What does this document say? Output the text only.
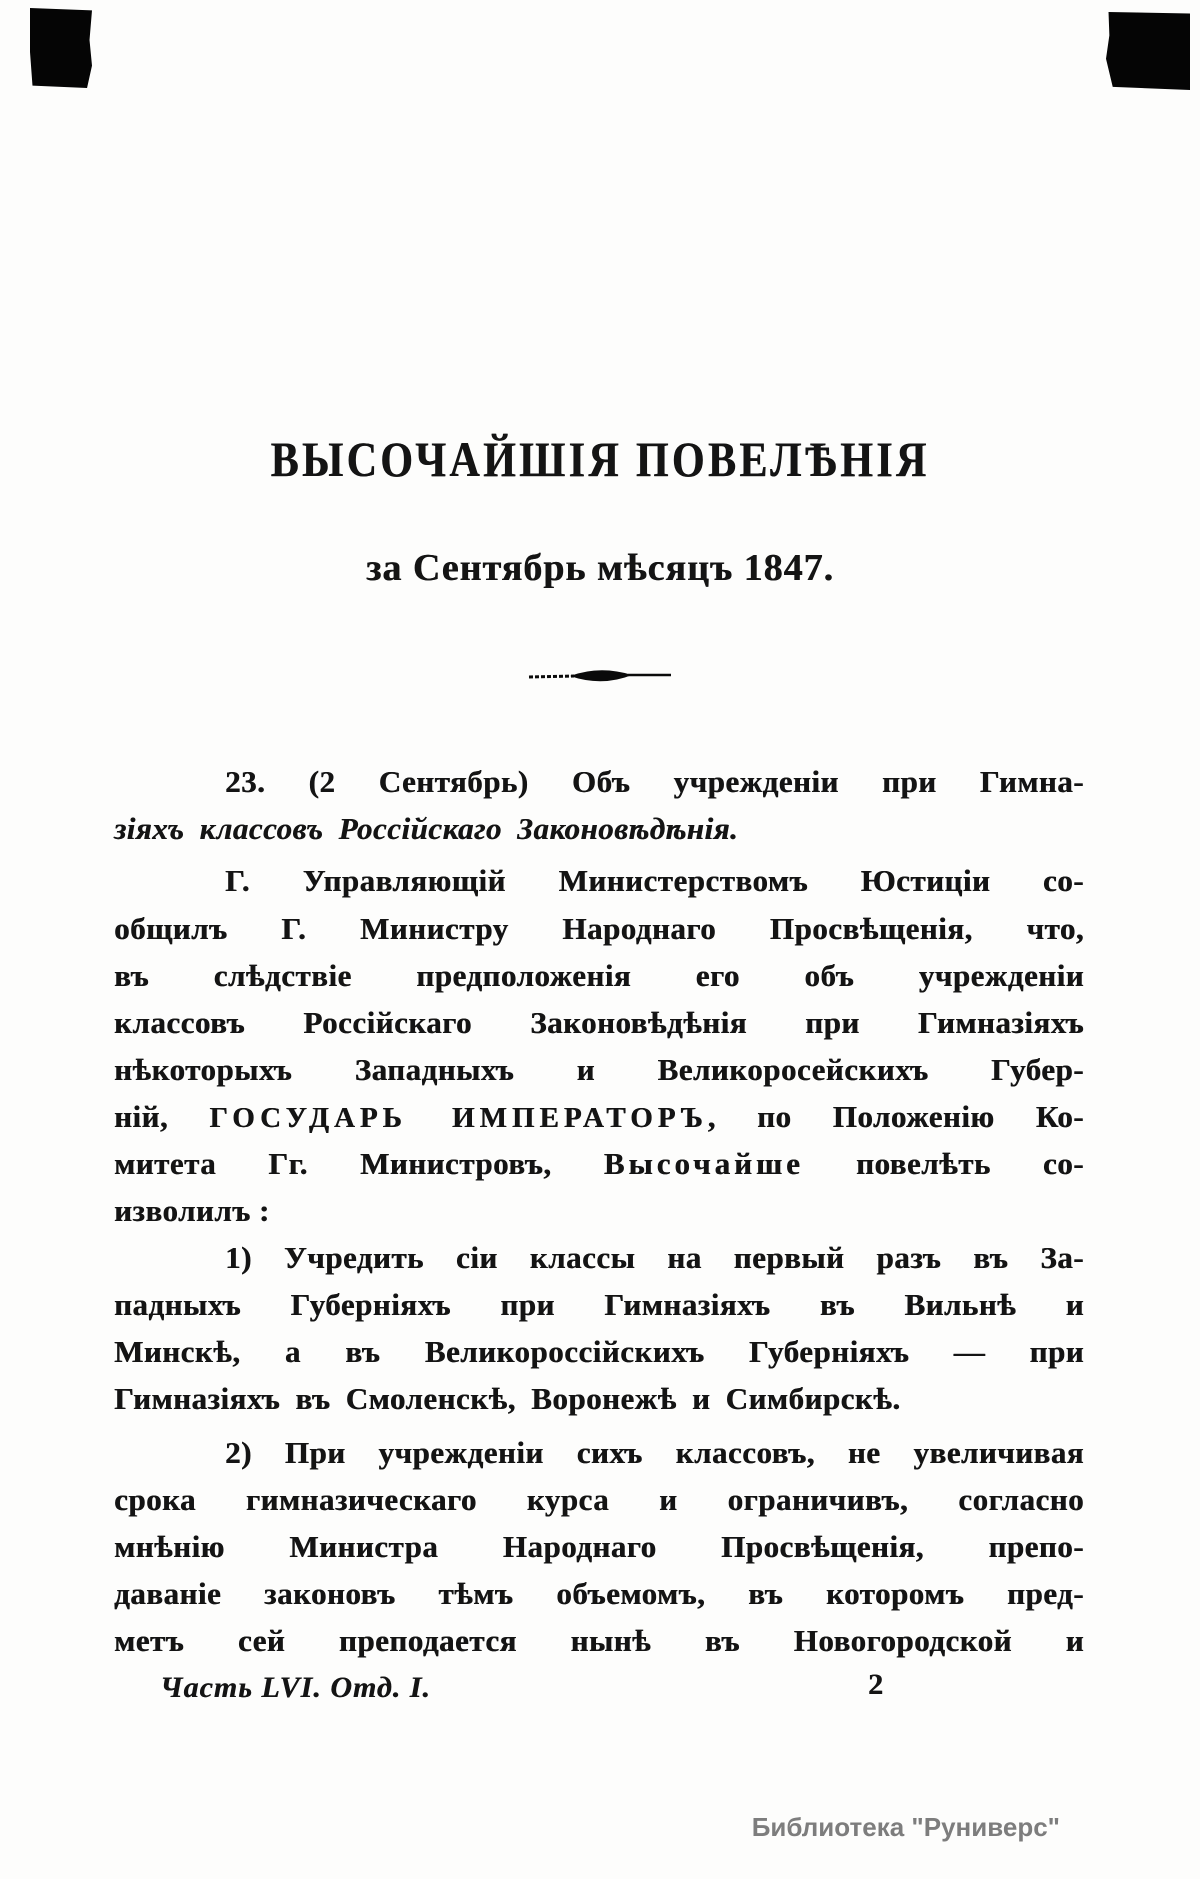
ВЫСОЧАЙШІЯ ПОВЕЛѢНІЯ
за Сентябрь мѣсяцъ 1847.
23. (2 Сентябрь) Объ учрежденіи при Гимна-
зіяхъ классовъ Россійскаго Законовѣдѣнія.
Г. Управляющій Министерствомъ Юстиціи со-
общилъ Г. Министру Народнаго Просвѣщенія, что,
въ слѣдствіе предположенія его объ учрежденіи
классовъ Россійскаго Законовѣдѣнія при Гимназіяхъ
нѣкоторыхъ Западныхъ и Великоросейскихъ Губер-
ній, ГОСУДАРЬ ИМПЕРАТОРЪ, по Положенію Ко-
митета Гг. Министровъ, Высочайше повелѣть со-
изволилъ :
1) Учредить сіи классы на первый разъ въ За-
падныхъ Губерніяхъ при Гимназіяхъ въ Вильнѣ и
Минскѣ, а въ Великороссійскихъ Губерніяхъ — при
Гимназіяхъ въ Смоленскѣ, Воронежѣ и Симбирскѣ.
2) При учрежденіи сихъ классовъ, не увеличивая
срока гимназическаго курса и ограничивъ, согласно
мнѣнію Министра Народнаго Просвѣщенія, препо-
даваніе законовъ тѣмъ объемомъ, въ которомъ пред-
метъ сей преподается нынѣ въ Новогородской и
Часть LVI. Отд. I.	2
Библиотека "Руниверс"
